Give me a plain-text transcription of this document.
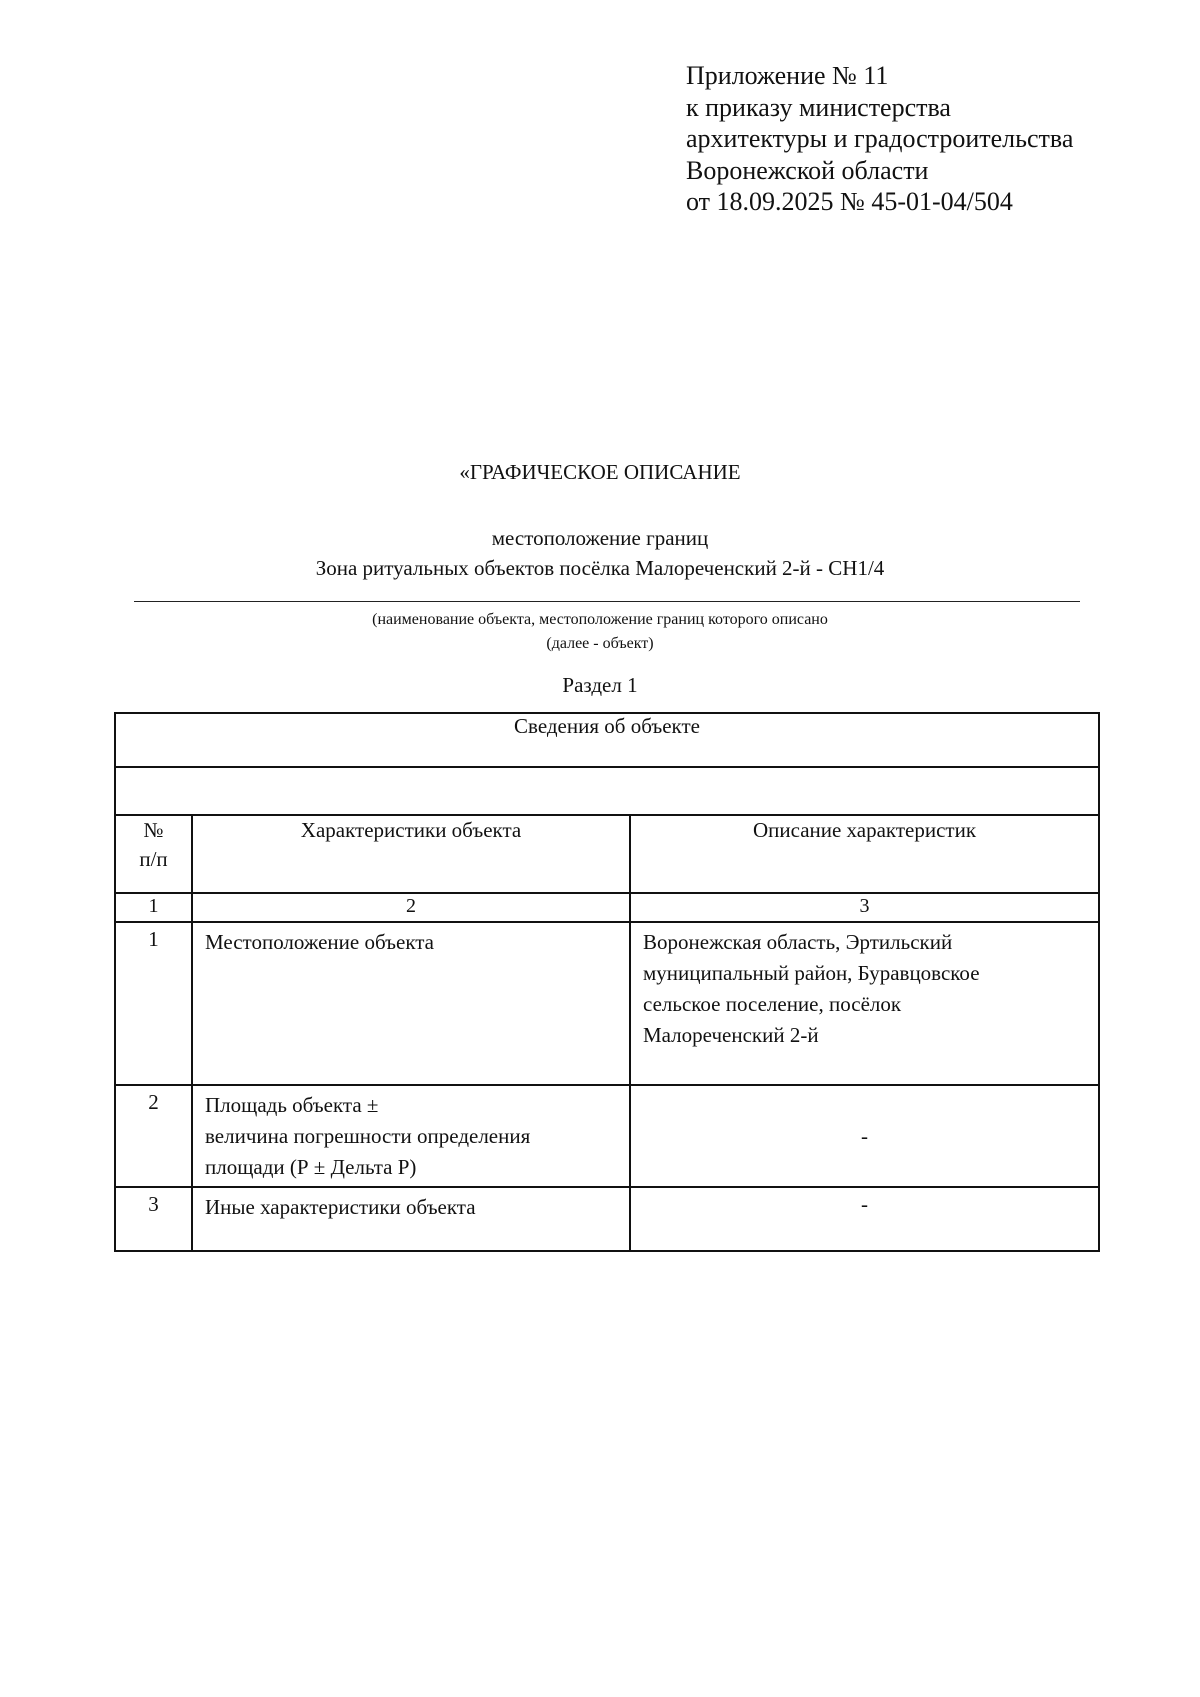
Приложение № 11
к приказу министерства
архитектуры и градостроительства
Воронежской области
от 18.09.2025 № 45-01-04/504
«ГРАФИЧЕСКОЕ ОПИСАНИЕ
местоположение границ
Зона ритуальных объектов посёлка Малореченский 2-й - СН1/4
(наименование объекта, местоположение границ которого описано
(далее - объект)
Раздел 1
Сведения об объекте		

№
п/п	Характеристики объекта	Описание характеристик
1	2	3
1	Местоположение объекта	Воронежская область, Эртильский
муниципальный район, Буравцовское
сельское поселение, посёлок
Малореченский 2-й

2	Площадь объекта ±
величина погрешности определения
площади (Р ± Дельта Р)	-
3	Иные характеристики объекта	-
